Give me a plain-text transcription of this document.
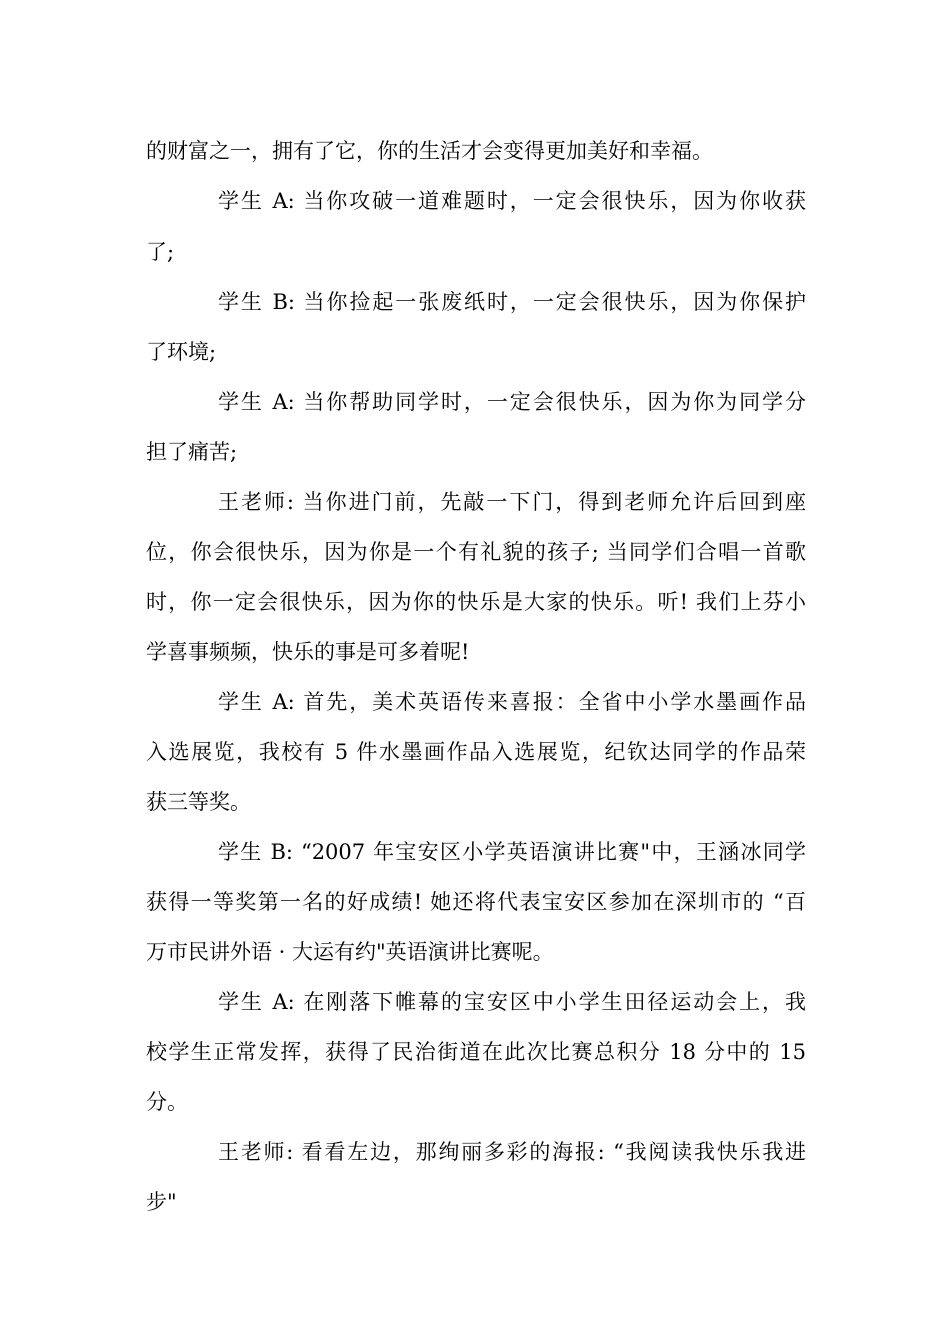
的财富之一，拥有了它，你的生活才会变得更加美好和幸福。

学生 A: 当你攻破一道难题时，一定会很快乐，因为你收获

了;

学生 B: 当你捡起一张废纸时，一定会很快乐，因为你保护

了环境;

学生 A: 当你帮助同学时，一定会很快乐，因为你为同学分

担了痛苦;

王老师: 当你进门前，先敲一下门，得到老师允许后回到座

位，你会很快乐，因为你是一个有礼貌的孩子; 当同学们合唱一首歌

时，你一定会很快乐，因为你的快乐是大家的快乐。听! 我们上芬小

学喜事频频，快乐的事是可多着呢!

学生 A: 首先，美术英语传来喜报：全省中小学水墨画作品

入选展览，我校有 5 件水墨画作品入选展览，纪钦达同学的作品荣

获三等奖。

学生 B: “2007 年宝安区小学英语演讲比赛"中，王涵冰同学

获得一等奖第一名的好成绩! 她还将代表宝安区参加在深圳市的 “百

万市民讲外语 · 大运有约"英语演讲比赛呢。

学生 A: 在刚落下帷幕的宝安区中小学生田径运动会上，我

校学生正常发挥，获得了民治街道在此次比赛总积分 18 分中的 15

分。

王老师: 看看左边，那绚丽多彩的海报: “我阅读我快乐我进

步"
